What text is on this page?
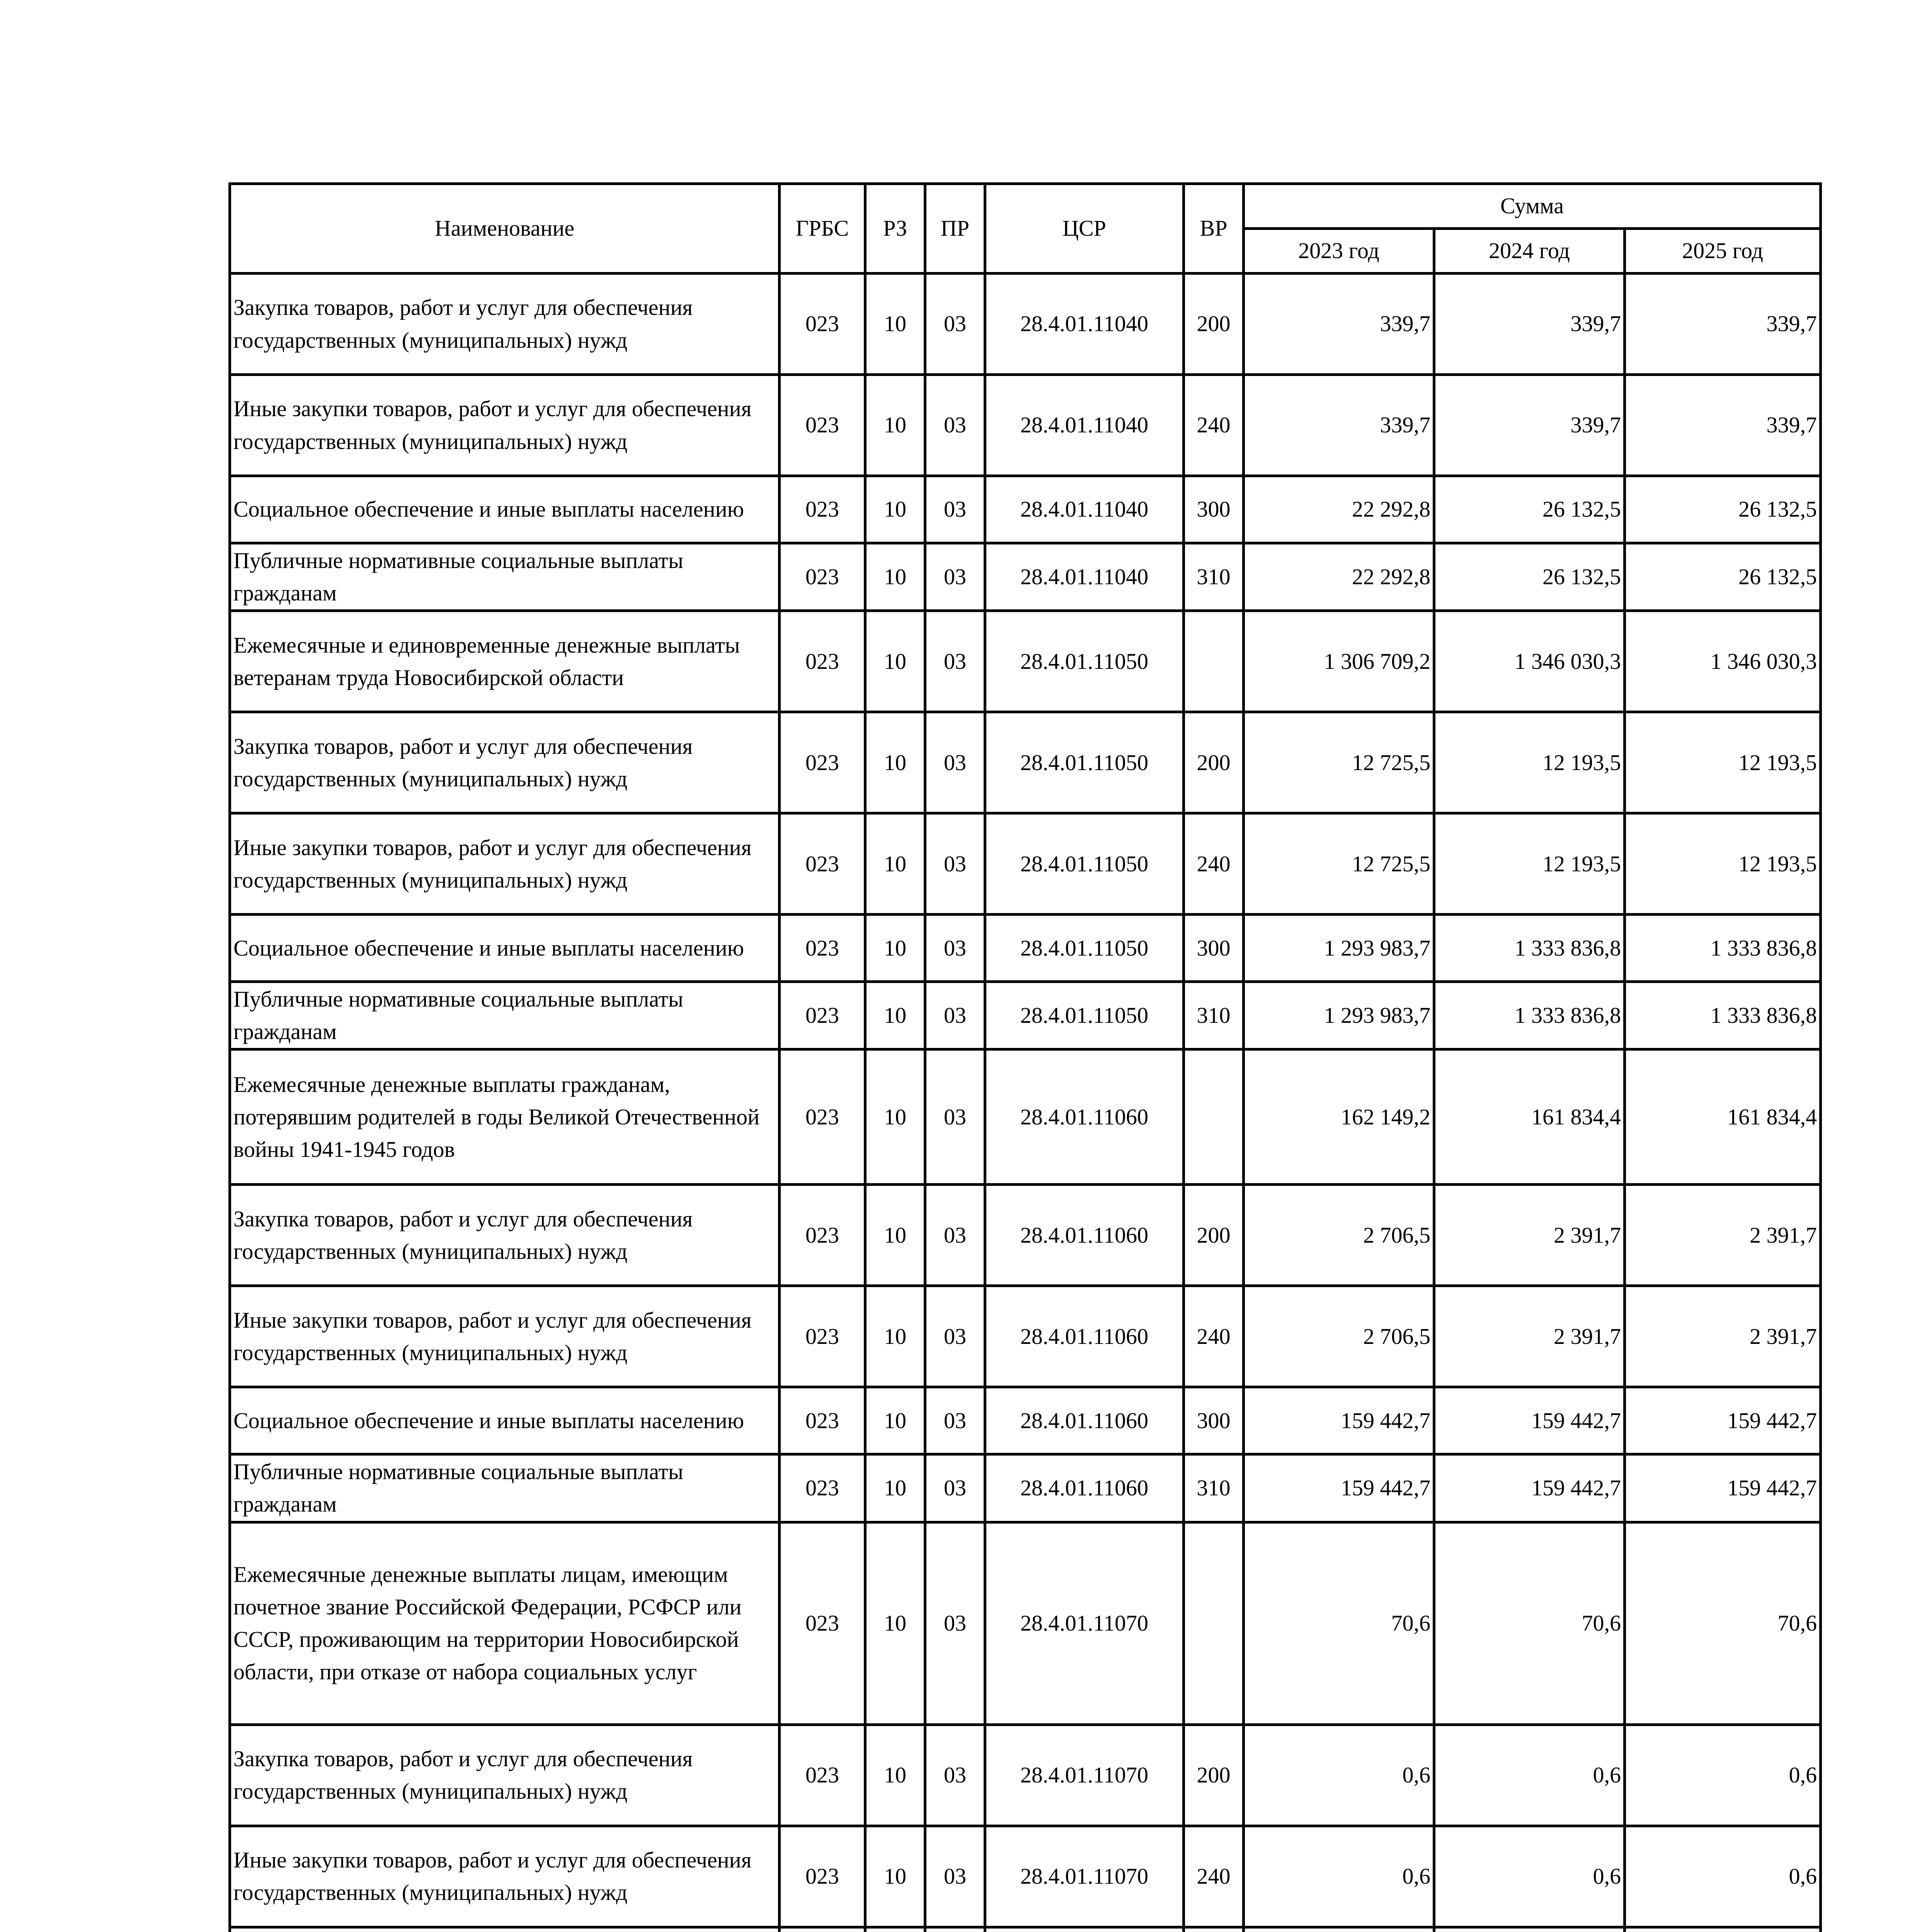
Наименование	ГРБС	РЗ	ПР	ЦСР	ВР	Сумма		
						2023 год	2024 год	2025 год
Закупка товаров, работ и услуг для обеспечения государственных (муниципальных) нужд	023	10	03	28.4.01.11040	200	339,7	339,7	339,7
Иные закупки товаров, работ и услуг для обеспечения государственных (муниципальных) нужд	023	10	03	28.4.01.11040	240	339,7	339,7	339,7
Социальное обеспечение и иные выплаты населению	023	10	03	28.4.01.11040	300	22 292,8	26 132,5	26 132,5
Публичные нормативные социальные выплаты гражданам	023	10	03	28.4.01.11040	310	22 292,8	26 132,5	26 132,5
Ежемесячные и единовременные денежные выплаты ветеранам труда Новосибирской области	023	10	03	28.4.01.11050		1 306 709,2	1 346 030,3	1 346 030,3
Закупка товаров, работ и услуг для обеспечения государственных (муниципальных) нужд	023	10	03	28.4.01.11050	200	12 725,5	12 193,5	12 193,5
Иные закупки товаров, работ и услуг для обеспечения государственных (муниципальных) нужд	023	10	03	28.4.01.11050	240	12 725,5	12 193,5	12 193,5
Социальное обеспечение и иные выплаты населению	023	10	03	28.4.01.11050	300	1 293 983,7	1 333 836,8	1 333 836,8
Публичные нормативные социальные выплаты гражданам	023	10	03	28.4.01.11050	310	1 293 983,7	1 333 836,8	1 333 836,8
Ежемесячные денежные выплаты гражданам, потерявшим родителей в годы Великой Отечественной войны 1941-1945 годов	023	10	03	28.4.01.11060		162 149,2	161 834,4	161 834,4
Закупка товаров, работ и услуг для обеспечения государственных (муниципальных) нужд	023	10	03	28.4.01.11060	200	2 706,5	2 391,7	2 391,7
Иные закупки товаров, работ и услуг для обеспечения государственных (муниципальных) нужд	023	10	03	28.4.01.11060	240	2 706,5	2 391,7	2 391,7
Социальное обеспечение и иные выплаты населению	023	10	03	28.4.01.11060	300	159 442,7	159 442,7	159 442,7
Публичные нормативные социальные выплаты гражданам	023	10	03	28.4.01.11060	310	159 442,7	159 442,7	159 442,7
Ежемесячные денежные выплаты лицам, имеющим почетное звание Российской Федерации, РСФСР или СССР, проживающим на территории Новосибирской области, при отказе от набора социальных услуг	023	10	03	28.4.01.11070		70,6	70,6	70,6
Закупка товаров, работ и услуг для обеспечения государственных (муниципальных) нужд	023	10	03	28.4.01.11070	200	0,6	0,6	0,6
Иные закупки товаров, работ и услуг для обеспечения государственных (муниципальных) нужд	023	10	03	28.4.01.11070	240	0,6	0,6	0,6
